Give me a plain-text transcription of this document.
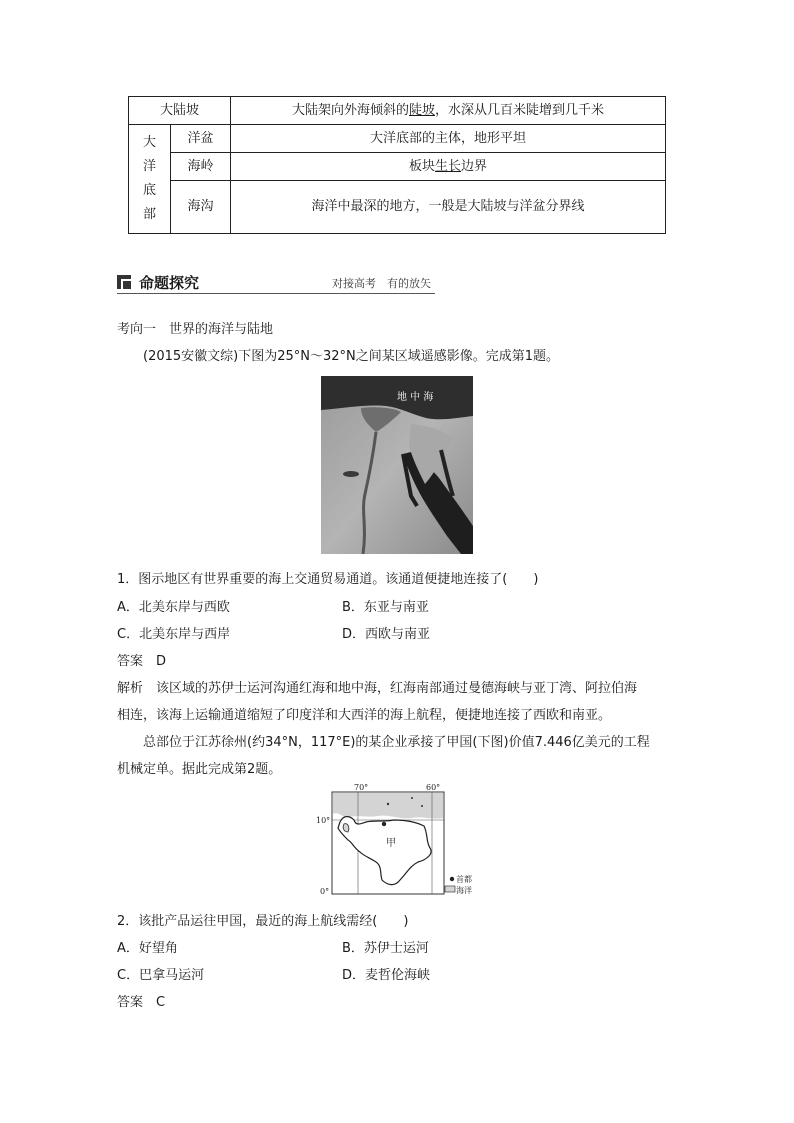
大陆坡		大陆架向外海倾斜的陡坡，水深从几百米陡增到几千米

大
洋
底
部	洋盆	大洋底部的主体，地形平坦
	海岭	板块生长边界
	海沟	海洋中最深的地方，一般是大陆坡与洋盆分界线
命题探究	对接高考　有的放矢
考向一　世界的海洋与陆地
(2015安徽文综)下图为25°N～32°N之间某区域遥感影像。完成第1题。
地 中 海
1．图示地区有世界重要的海上交通贸易通道。该通道便捷地连接了(　　)
A．北美东岸与西欧	B．东亚与南亚
C．北美东岸与西岸	D．西欧与南亚
答案　D
解析　该区域的苏伊士运河沟通红海和地中海，红海南部通过曼德海峡与亚丁湾、阿拉伯海
相连，该海上运输通道缩短了印度洋和大西洋的海上航程，便捷地连接了西欧和南亚。
总部位于江苏徐州(约34°N，117°E)的某企业承接了甲国(下图)价值7.446亿美元的工程
机械定单。据此完成第2题。
70°	60°
10°
0°
甲
首都
海洋
2．该批产品运往甲国，最近的海上航线需经(　　)
A．好望角	B．苏伊士运河
C．巴拿马运河	D．麦哲伦海峡
答案　C
